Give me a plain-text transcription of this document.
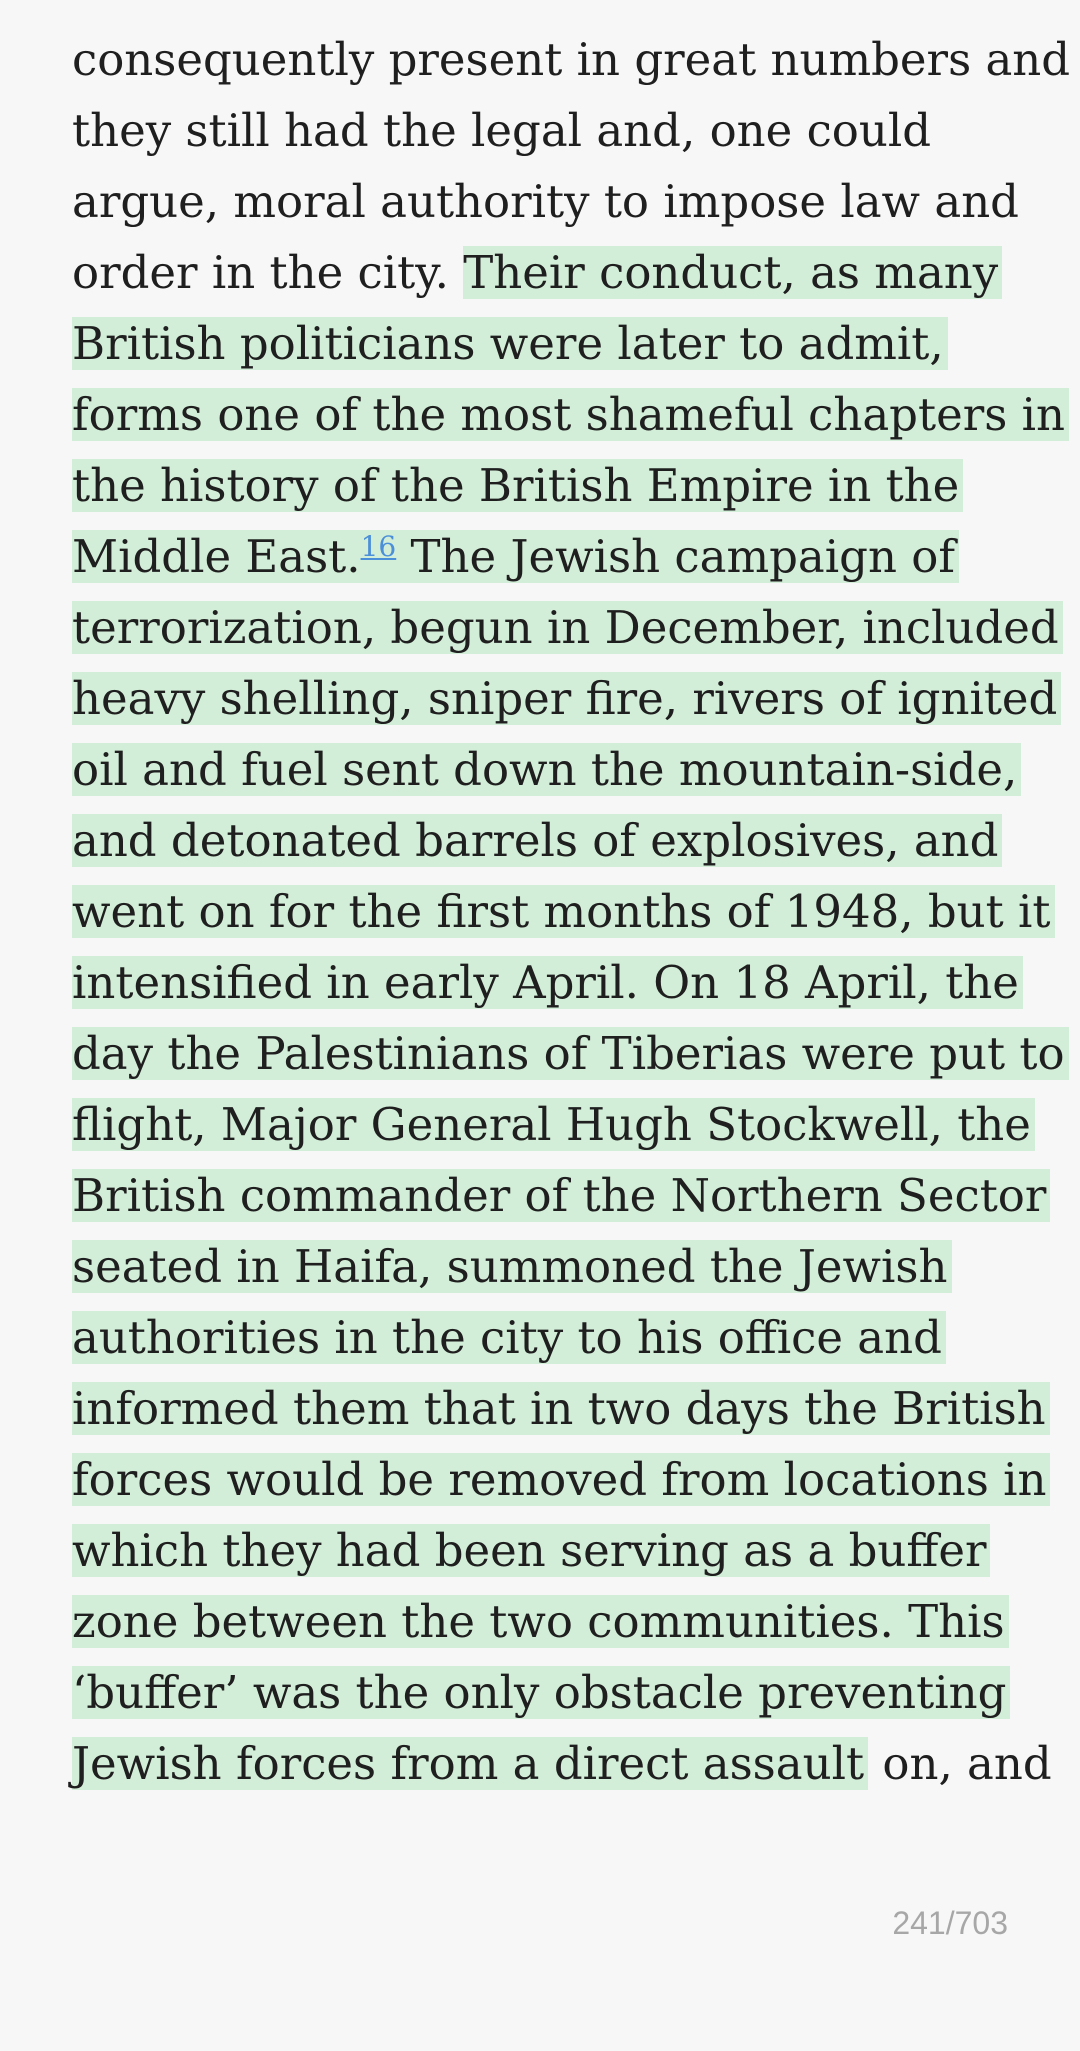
consequently present in great numbers and
they still had the legal and, one could
argue, moral authority to impose law and
order in the city. Their conduct, as many
British politicians were later to admit,
forms one of the most shameful chapters in
the history of the British Empire in the
Middle East.$^{16}$ The Jewish campaign of
terrorization, begun in December, included
heavy shelling, sniper fire, rivers of ignited
oil and fuel sent down the mountain-side,
and detonated barrels of explosives, and
went on for the first months of 1948, but it
intensified in early April. On 18 April, the
day the Palestinians of Tiberias were put to
flight, Major General Hugh Stockwell, the
British commander of the Northern Sector
seated in Haifa, summoned the Jewish
authorities in the city to his office and
informed them that in two days the British
forces would be removed from locations in
which they had been serving as a buffer
zone between the two communities. This
‘buffer’ was the only obstacle preventing
Jewish forces from a direct assault on, and
241/703
